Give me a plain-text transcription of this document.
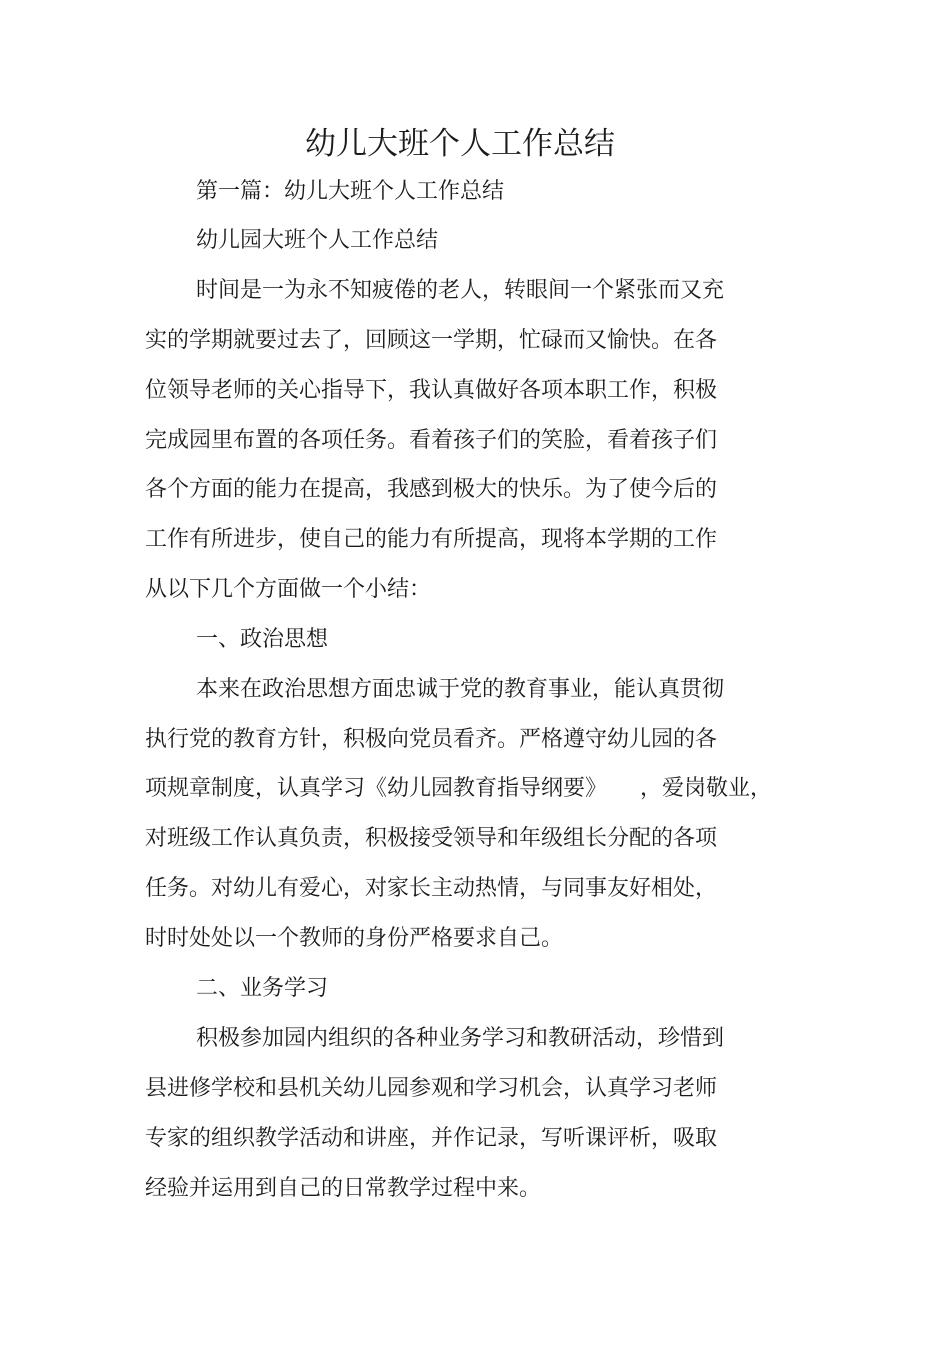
幼儿大班个人工作总结
第一篇：幼儿大班个人工作总结
幼儿园大班个人工作总结
时间是一为永不知疲倦的老人，转眼间一个紧张而又充
实的学期就要过去了，回顾这一学期，忙碌而又愉快。在各
位领导老师的关心指导下，我认真做好各项本职工作，积极
完成园里布置的各项任务。看着孩子们的笑脸，看着孩子们
各个方面的能力在提高，我感到极大的快乐。为了使今后的
工作有所进步，使自己的能力有所提高，现将本学期的工作
从以下几个方面做一个小结：
一、政治思想
本来在政治思想方面忠诚于党的教育事业，能认真贯彻
执行党的教育方针，积极向党员看齐。严格遵守幼儿园的各
项规章制度，认真学习《幼儿园教育指导纲要》　　，爱岗敬业，
对班级工作认真负责，积极接受领导和年级组长分配的各项
任务。对幼儿有爱心，对家长主动热情，与同事友好相处，
时时处处以一个教师的身份严格要求自己。
二、业务学习
积极参加园内组织的各种业务学习和教研活动，珍惜到
县进修学校和县机关幼儿园参观和学习机会，认真学习老师
专家的组织教学活动和讲座，并作记录，写听课评析，吸取
经验并运用到自己的日常教学过程中来。
